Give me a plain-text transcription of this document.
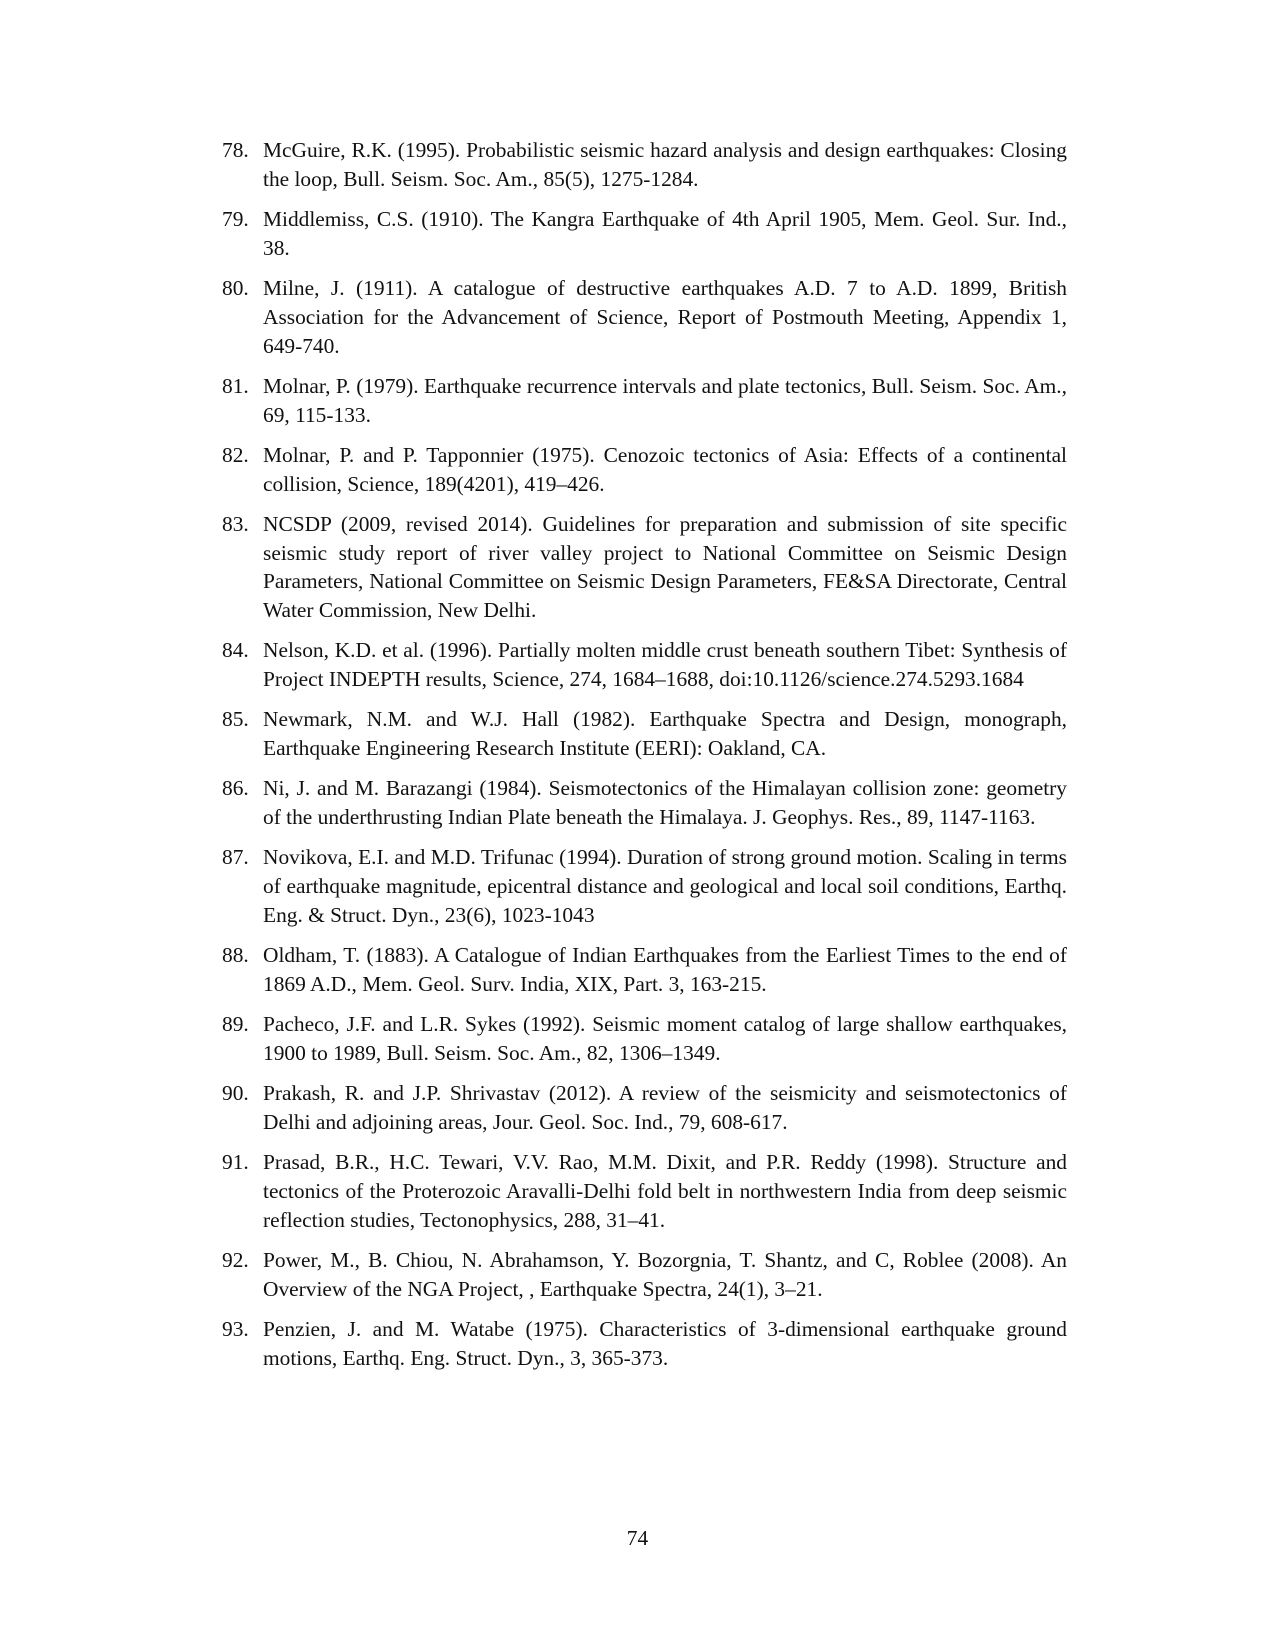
78. McGuire, R.K. (1995). Probabilistic seismic hazard analysis and design earthquakes: Closing the loop, Bull. Seism. Soc. Am., 85(5), 1275-1284.
79. Middlemiss, C.S. (1910). The Kangra Earthquake of 4th April 1905, Mem. Geol. Sur. Ind., 38.
80. Milne, J. (1911). A catalogue of destructive earthquakes A.D. 7 to A.D. 1899, British Association for the Advancement of Science, Report of Postmouth Meeting, Appendix 1, 649-740.
81. Molnar, P. (1979). Earthquake recurrence intervals and plate tectonics, Bull. Seism. Soc. Am., 69, 115-133.
82. Molnar, P. and P. Tapponnier (1975). Cenozoic tectonics of Asia: Effects of a continental collision, Science, 189(4201), 419–426.
83. NCSDP (2009, revised 2014). Guidelines for preparation and submission of site specific seismic study report of river valley project to National Committee on Seismic Design Parameters, National Committee on Seismic Design Parameters, FE&SA Directorate, Central Water Commission, New Delhi.
84. Nelson, K.D. et al. (1996). Partially molten middle crust beneath southern Tibet: Synthesis of Project INDEPTH results, Science, 274, 1684–1688, doi:10.1126/science.274.5293.1684
85. Newmark, N.M. and W.J. Hall (1982). Earthquake Spectra and Design, monograph, Earthquake Engineering Research Institute (EERI): Oakland, CA.
86. Ni, J. and M. Barazangi (1984). Seismotectonics of the Himalayan collision zone: geometry of the underthrusting Indian Plate beneath the Himalaya. J. Geophys. Res., 89, 1147-1163.
87. Novikova, E.I. and M.D. Trifunac (1994). Duration of strong ground motion. Scaling in terms of earthquake magnitude, epicentral distance and geological and local soil conditions, Earthq. Eng. & Struct. Dyn., 23(6), 1023-1043
88. Oldham, T. (1883). A Catalogue of Indian Earthquakes from the Earliest Times to the end of 1869 A.D., Mem. Geol. Surv. India, XIX, Part. 3, 163-215.
89. Pacheco, J.F. and L.R. Sykes (1992). Seismic moment catalog of large shallow earthquakes, 1900 to 1989, Bull. Seism. Soc. Am., 82, 1306–1349.
90. Prakash, R. and J.P. Shrivastav (2012). A review of the seismicity and seismotectonics of Delhi and adjoining areas, Jour. Geol. Soc. Ind., 79, 608-617.
91. Prasad, B.R., H.C. Tewari, V.V. Rao, M.M. Dixit, and P.R. Reddy (1998). Structure and tectonics of the Proterozoic Aravalli-Delhi fold belt in northwestern India from deep seismic reflection studies, Tectonophysics, 288, 31–41.
92. Power, M., B. Chiou, N. Abrahamson, Y. Bozorgnia, T. Shantz, and C, Roblee (2008). An Overview of the NGA Project, , Earthquake Spectra, 24(1), 3–21.
93. Penzien, J. and M. Watabe (1975). Characteristics of 3-dimensional earthquake ground motions, Earthq. Eng. Struct. Dyn., 3, 365-373.
74
